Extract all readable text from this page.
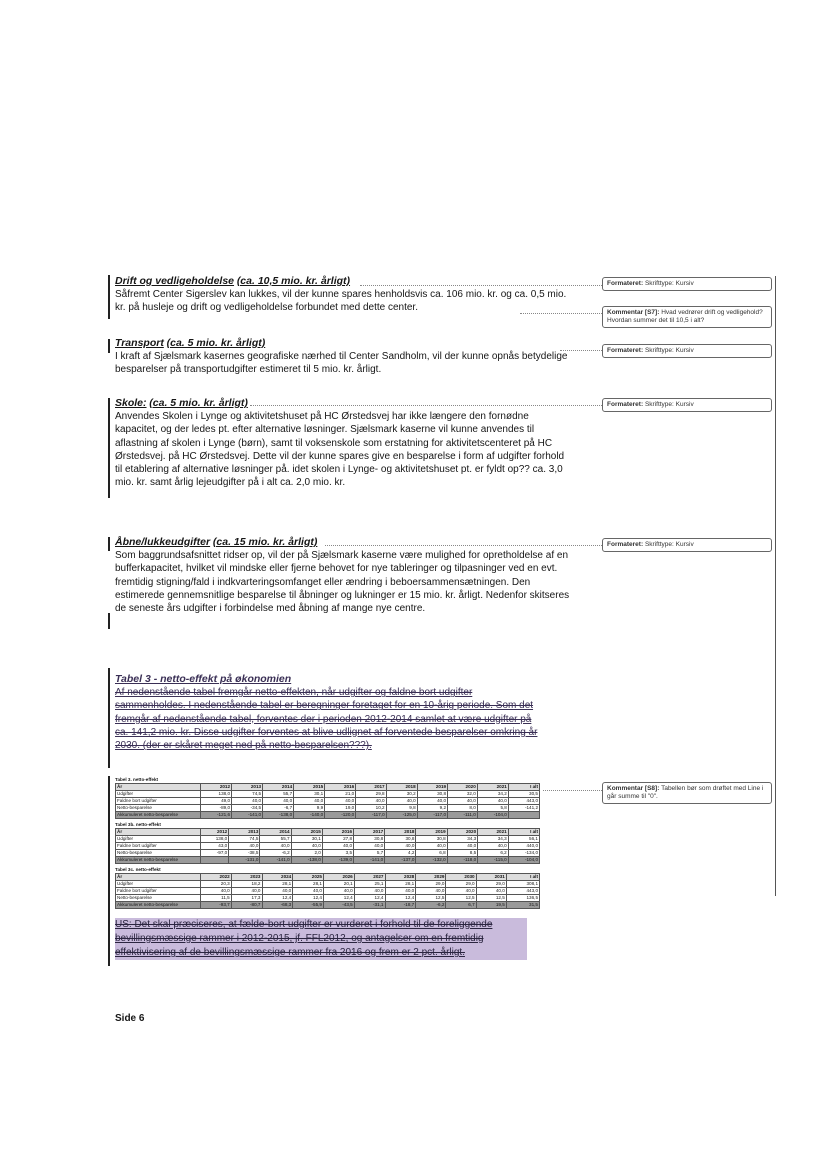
Drift og vedligeholdelse (ca. 10,5 mio. kr. årligt)

Såfremt Center Sigerslev kan lukkes, vil der kunne spares henholdsvis ca. 106 mio. kr. og ca. 0,5 mio. kr. på husleje og drift og vedligeholdelse forbundet med dette center.

Transport (ca. 5 mio. kr. årligt)

I kraft af Sjælsmark kasernes geografiske nærhed til Center Sandholm, vil der kunne opnås betydelige besparelser på transportudgifter estimeret til 5 mio. kr. årligt.

Skole: (ca. 5 mio. kr. årligt)

Anvendes Skolen i Lynge og aktivitetshuset på HC Ørstedsvej har ikke længere den fornødne kapacitet, og der ledes pt. efter alternative løsninger. Sjælsmark kaserne vil kunne anvendes til aflastning af skolen i Lynge (børn), samt til voksenskole som erstatning for aktivitetscenteret på HC Ørstedsvej. på HC Ørstedsvej. Dette vil der kunne spares give en besparelse i form af udgifter forhold til etablering af alternative løsninger på. idet skolen i Lynge- og aktivitetshuset pt. er fyldt op?? ca. 3,0 mio. kr. samt årlig lejeudgifter på i alt ca. 2,0 mio. kr.

Åbne/lukkeudgifter (ca. 15 mio. kr. årligt)

Som baggrundsafsnittet ridser op, vil der på Sjælsmark kaserne være mulighed for opretholdelse af en bufferkapacitet, hvilket vil mindske eller fjerne behovet for nye tableringer og tilpasninger ved en evt. fremtidig stigning/fald i indkvarteringsomfanget eller ændring i beboersammensætningen. Den estimerede gennemsnitlige besparelse til åbninger og lukninger er 15 mio. kr. årligt. Nedenfor skitseres de seneste års udgifter i forbindelse med åbning af mange nye centre.

Tabel 3 - netto-effekt på økonomien

Af nedenstående tabel fremgår netto-effekten, når udgifter og faldne bort udgifter sammenholdes. I nedenstående tabel er beregninger foretaget for en 10-årig periode. Som det fremgår af nedenstående tabel, forventes der i perioden 2012-2014 samlet at være udgifter på ca. 141,2 mio. kr. Disse udgifter forventes at blive udlignet af forventede besparelser omkring år 2030. (der er skåret meget ned på netto-besparelsen???).

Tabel 3. netto-effekt
År	2012	2013	2014	2015	2016	2017	2018	2019	2020	2021	I alt
Udgifter	138,0	74,5	55,7	30,1	21,0	29,8	30,2	30,8	32,0	34,2	30,5
Faldne bort udgifter	49,0	40,0	40,0	40,0	40,0	40,0	40,0	40,0	40,0	40,0	443,0
Netto-besparelse	-89,0	-34,5	-6,7	9,9	19,0	10,2	9,8	9,2	8,0	5,8	-141,2
Akkumuleret netto-besparelse	-121,6	-141,0	-138,0	-140,0	-120,0	-117,0	-125,0	-117,0	-111,0	-104,0	
Tabel 3b. netto-effekt
År	2012	2013	2014	2015	2016	2017	2018	2019	2020	2021	I alt
Udgifter	138,0	74,5	55,7	30,1	27,8	30,8	30,8	30,8	34,3	34,3	56,1
Faldne bort udgifter	43,0	40,0	40,0	40,0	40,0	40,0	40,0	40,0	40,0	40,0	440,0
Netto-besparelse	-97,0	-38,5	-6,2	2,0	3,5	5,7	4,2	6,8	8,5	6,2	-134,0
Akkumuleret netto-besparelse		-131,0	-141,0	-138,0	-139,0	-141,0	-137,0	-132,0	-118,0	-115,0	-104,0
Tabel 3c. netto-effekt
År	2022	2023	2024	2025	2026	2027	2028	2029	2030	2031	I alt
Udgifter	20,3	18,2	28,1	28,1	20,1	25,1	28,1	29,0	29,0	29,0	308,1
Faldne bort udgifter	40,0	40,0	40,0	40,0	40,0	40,0	40,0	40,0	40,0	40,0	443,0
Netto-besparelse	11,5	17,3	12,4	12,4	12,4	12,4	12,4	12,5	12,5	12,5	136,5
Akkumuleret netto-besparelse	-93,7	-80,7	-68,3	-55,9	-43,5	-31,1	-18,7	-6,2	6,7	19,5	31,5
US: Det skal præciseres, at fælde-bort udgifter er vurderet i forhold til de foreliggende bevillingsmæssige rammer i 2012-2015, jf. FFL2012, og antagelser om en fremtidig effektivisering af de bevillingsmæssige rammer fra 2016 og frem er 2 pct. årligt.
Formateret: Skrifttype: Kursiv
Kommentar [S7]: Hvad vedrører drift og vedligehold? Hvordan summer det til 10,5 i alt?
Formateret: Skrifttype: Kursiv
Formateret: Skrifttype: Kursiv
Formateret: Skrifttype: Kursiv
Kommentar [S8]: Tabellen bør som drøftet med Line i går summe til "0".
Side 6
